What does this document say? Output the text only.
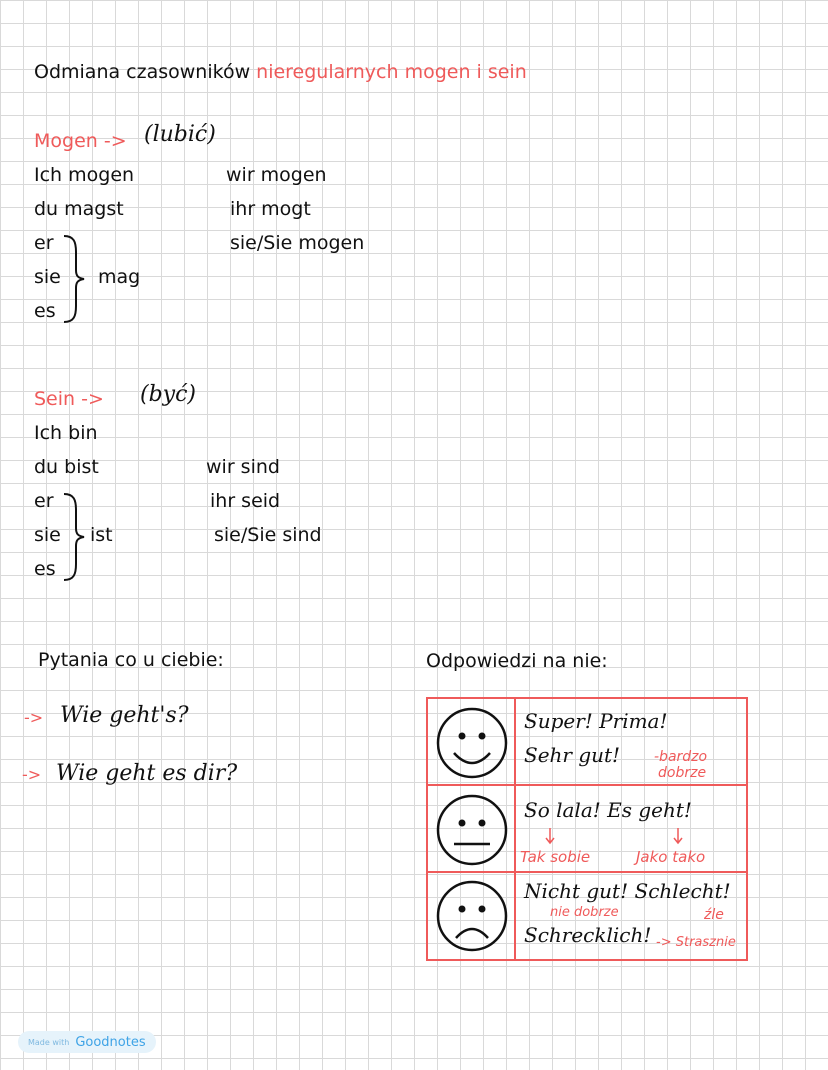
Odmiana czasowników nieregularnych mogen i sein
Mogen -> (lubić)
Ich mogen
du magst
er
sie
es
mag
wir mogen
ihr mogt
sie/Sie mogen
Sein -> (być)
Ich bin
du bist
er
sie
es
ist
wir sind
ihr seid
sie/Sie sind
Pytania co u ciebie:
-> Wie geht's?
-> Wie geht es dir?
Odpowiedzi na nie:
Super! Prima!
Sehr gut! -bardzo
dobrze
So lala! Es geht!
Tak sobie	Jako tako
Nicht gut! Schlecht!
nie dobrze	źle
Schrecklich! -> Strasznie
Made with Goodnotes
